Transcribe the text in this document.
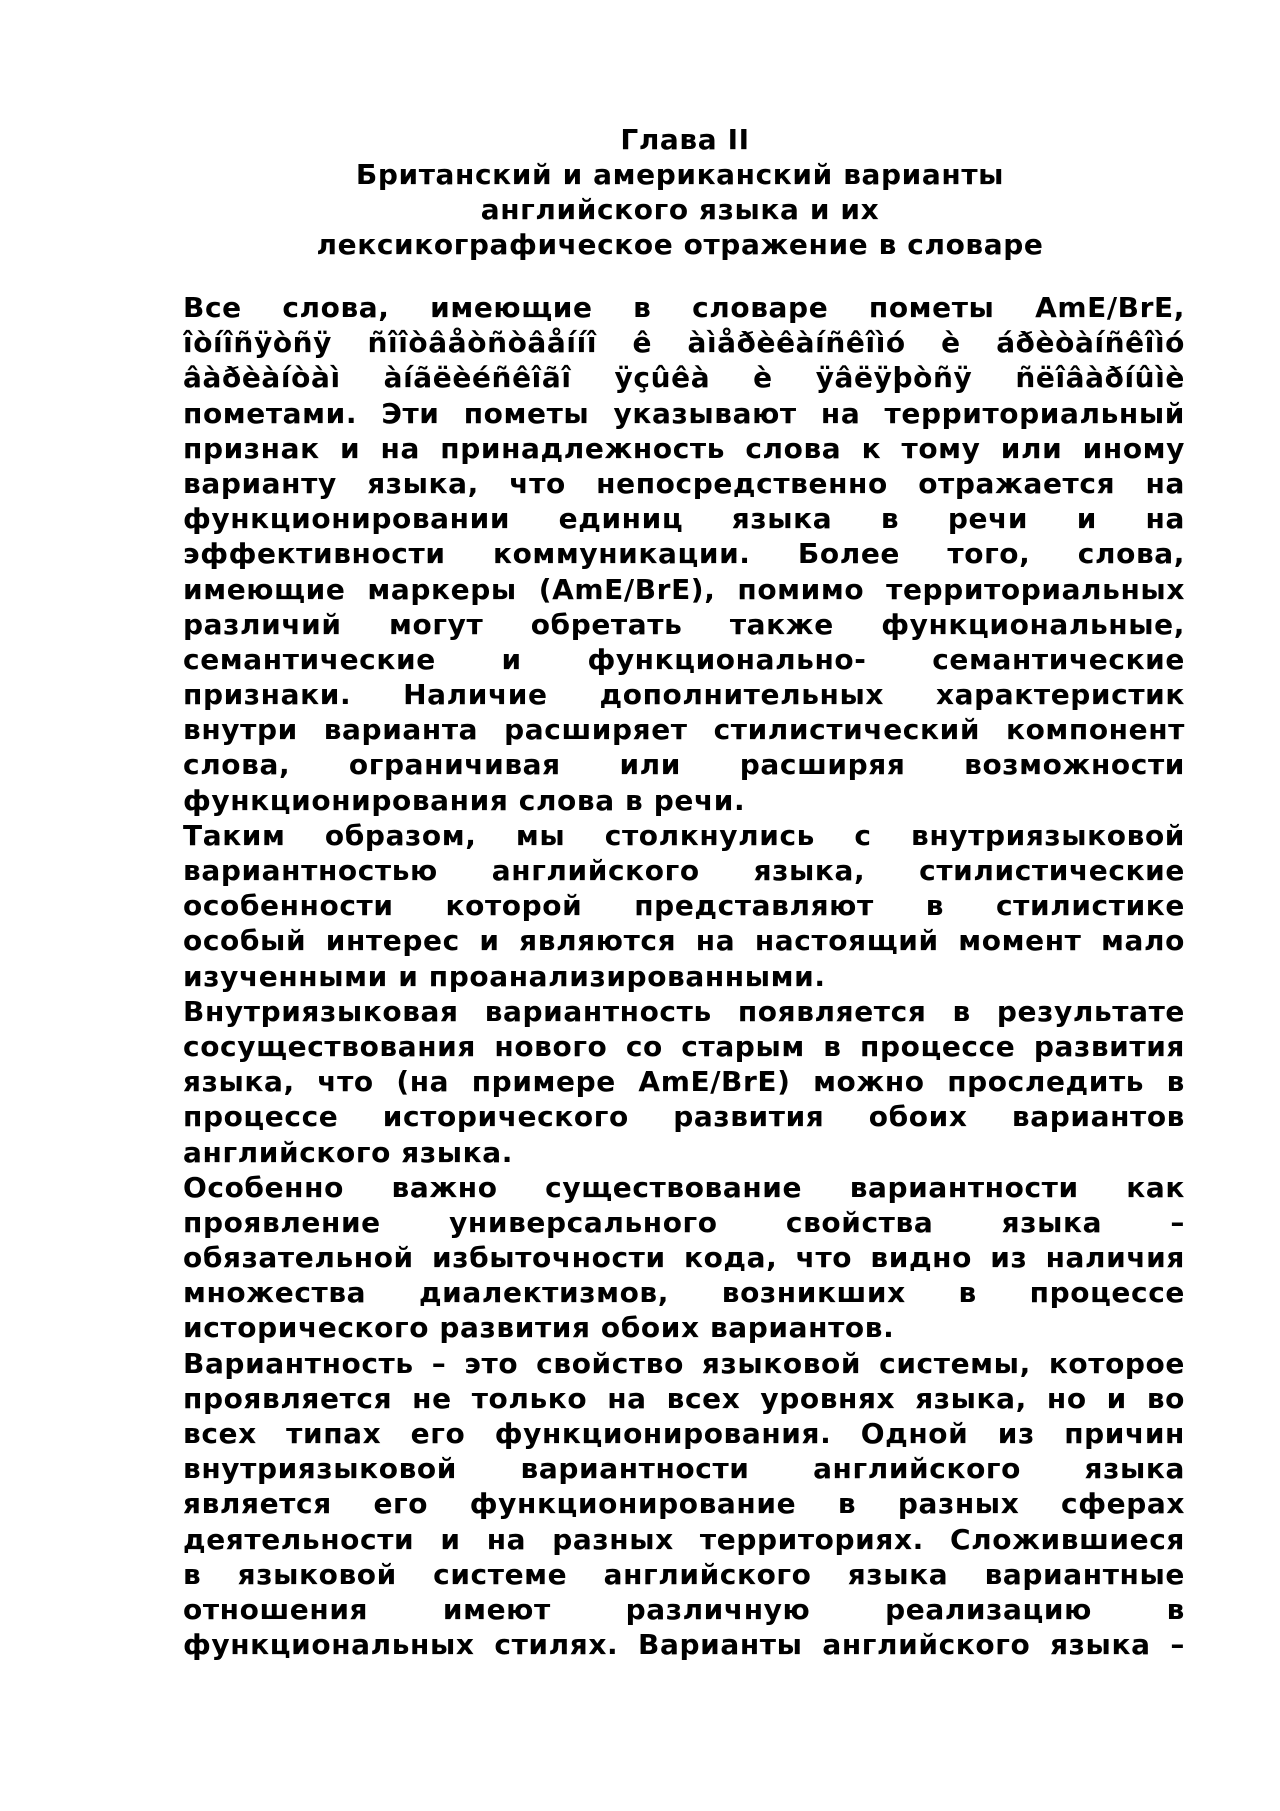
Глава II
Британский и американский варианты
английского языка и их
лексикографическое отражение в словаре
Все слова, имеющие в словаре пометы AmE/BrE,
îòíîñÿòñÿ ñîîòâåòñòâåííî ê àìåðèêàíñêîìó è áðèòàíñêîìó
âàðèàíòàì àíãëèéñêîãî ÿçûêà è ÿâëÿþòñÿ ñëîâàðíûìè
пометами. Эти пометы указывают на территориальный
признак и на принадлежность слова к тому или иному
варианту языка, что непосредственно отражается на
функционировании единиц языка в речи и на
эффективности коммуникации. Более того, слова,
имеющие маркеры (AmE/BrE), помимо территориальных
различий могут обретать также функциональные,
семантические и функционально- семантические
признаки. Наличие дополнительных характеристик
внутри варианта расширяет стилистический компонент
слова, ограничивая или расширяя возможности
функционирования слова в речи.
Таким образом, мы столкнулись с внутриязыковой
вариантностью английского языка, стилистические
особенности которой представляют в стилистике
особый интерес и являются на настоящий момент мало
изученными и проанализированными.
Внутриязыковая вариантность появляется в результате
сосуществования нового со старым в процессе развития
языка, что (на примере AmE/BrE) можно проследить в
процессе исторического развития обоих вариантов
английского языка.
Особенно важно существование вариантности как
проявление универсального свойства языка –
обязательной избыточности кода, что видно из наличия
множества диалектизмов, возникших в процессе
исторического развития обоих вариантов.
Вариантность – это свойство языковой системы, которое
проявляется не только на всех уровнях языка, но и во
всех типах его функционирования. Одной из причин
внутриязыковой вариантности английского языка
является его функционирование в разных сферах
деятельности и на разных территориях. Сложившиеся
в языковой системе английского языка вариантные
отношения имеют различную реализацию в
функциональных стилях. Варианты английского языка –
